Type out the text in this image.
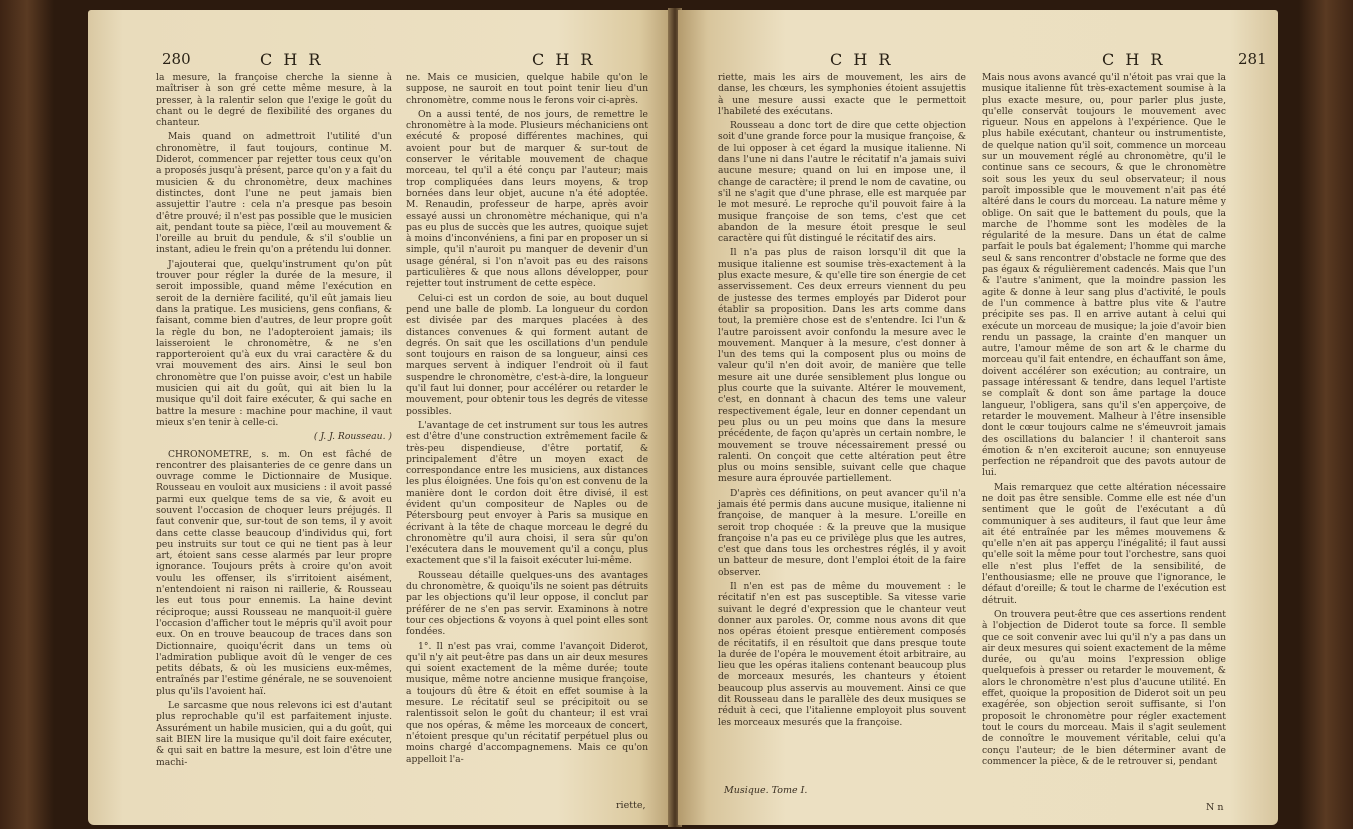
280	C H R	C H R

la mesure, la françoise cherche la sienne à maîtriser à son gré cette même mesure, à la presser, à la ralentir selon que l'exige le goût du chant ou le degré de flexibilité des organes du chanteur.

Mais quand on admettroit l'utilité d'un chronomètre, il faut toujours, continue M. Diderot, commencer par rejetter tous ceux qu'on a proposés jusqu'à présent, parce qu'on y a fait du musicien & du chronomètre, deux machines distinctes, dont l'une ne peut jamais bien assujettir l'autre : cela n'a presque pas besoin d'être prouvé; il n'est pas possible que le musicien ait, pendant toute sa pièce, l'œil au mouvement & l'oreille au bruit du pendule, & s'il s'oublie un instant, adieu le frein qu'on a prétendu lui donner.

J'ajouterai que, quelqu'instrument qu'on pût trouver pour régler la durée de la mesure, il seroit impossible, quand même l'exécution en seroit de la dernière facilité, qu'il eût jamais lieu dans la pratique. Les musiciens, gens confians, & faisant, comme bien d'autres, de leur propre goût la règle du bon, ne l'adopteroient jamais; ils laisseroient le chronomètre, & ne s'en rapporteroient qu'à eux du vrai caractère & du vrai mouvement des airs. Ainsi le seul bon chronomètre que l'on puisse avoir, c'est un habile musicien qui ait du goût, qui ait bien lu la musique qu'il doit faire exécuter, & qui sache en battre la mesure : machine pour machine, il vaut mieux s'en tenir à celle-ci.

( J. J. Rousseau. )

CHRONOMETRE, s. m. On est fâché de rencontrer des plaisanteries de ce genre dans un ouvrage comme le Dictionnaire de Musique. Rousseau en vouloit aux musiciens : il avoit passé parmi eux quelque tems de sa vie, & avoit eu souvent l'occasion de choquer leurs préjugés. Il faut convenir que, sur-tout de son tems, il y avoit dans cette classe beaucoup d'individus qui, fort peu instruits sur tout ce qui ne tient pas à leur art, étoient sans cesse alarmés par leur propre ignorance. Toujours prêts à croire qu'on avoit voulu les offenser, ils s'irritoient aisément, n'entendoient ni raison ni raillerie, & Rousseau les eut tous pour ennemis. La haine devint réciproque; aussi Rousseau ne manquoit-il guère l'occasion d'afficher tout le mépris qu'il avoit pour eux. On en trouve beaucoup de traces dans son Dictionnaire, quoiqu'écrit dans un tems où l'admiration publique avoit dû le venger de ces petits débats, & où les musiciens eux-mêmes, entraînés par l'estime générale, ne se souvenoient plus qu'ils l'avoient haï.

Le sarcasme que nous relevons ici est d'autant plus reprochable qu'il est parfaitement injuste. Assurément un habile musicien, qui a du goût, qui sait BIEN lire la musique qu'il doit faire exécuter, & qui sait en battre la mesure, est loin d'être une machi-

ne. Mais ce musicien, quelque habile qu'on le suppose, ne sauroit en tout point tenir lieu d'un chronomètre, comme nous le ferons voir ci-après.

On a aussi tenté, de nos jours, de remettre le chronomètre à la mode. Plusieurs méchaniciens ont exécuté & proposé différentes machines, qui avoient pour but de marquer & sur-tout de conserver le véritable mouvement de chaque morceau, tel qu'il a été conçu par l'auteur; mais trop compliquées dans leurs moyens, & trop bornées dans leur objet, aucune n'a été adoptée. M. Renaudin, professeur de harpe, après avoir essayé aussi un chronomètre méchanique, qui n'a pas eu plus de succès que les autres, quoique sujet à moins d'inconvéniens, a fini par en proposer un si simple, qu'il n'auroit pu manquer de devenir d'un usage général, si l'on n'avoit pas eu des raisons particulières & que nous allons développer, pour rejetter tout instrument de cette espèce.

Celui-ci est un cordon de soie, au bout duquel pend une balle de plomb. La longueur du cordon est divisée par des marques placées à des distances convenues & qui forment autant de degrés. On sait que les oscillations d'un pendule sont toujours en raison de sa longueur, ainsi ces marques servent à indiquer l'endroit où il faut suspendre le chronomètre, c'est-à-dire, la longueur qu'il faut lui donner, pour accélérer ou retarder le mouvement, pour obtenir tous les degrés de vitesse possibles.

L'avantage de cet instrument sur tous les autres est d'être d'une construction extrêmement facile & très-peu dispendieuse, d'être portatif, & principalement d'être un moyen exact de correspondance entre les musiciens, aux distances les plus éloignées. Une fois qu'on est convenu de la manière dont le cordon doit être divisé, il est évident qu'un compositeur de Naples ou de Pétersbourg peut envoyer à Paris sa musique en écrivant à la tête de chaque morceau le degré du chronomètre qu'il aura choisi, il sera sûr qu'on l'exécutera dans le mouvement qu'il a conçu, plus exactement que s'il la faisoit exécuter lui-même.

Rousseau détaille quelques-uns des avantages du chronomètre, & quoiqu'ils ne soient pas détruits par les objections qu'il leur oppose, il conclut par préférer de ne s'en pas servir. Examinons à notre tour ces objections & voyons à quel point elles sont fondées.

1°. Il n'est pas vrai, comme l'avançoit Diderot, qu'il n'y ait peut-être pas dans un air deux mesures qui soient exactement de la même durée; toute musique, même notre ancienne musique françoise, a toujours dû être & étoit en effet soumise à la mesure. Le récitatif seul se précipitoit ou se ralentissoit selon le goût du chanteur; il est vrai que nos opéras, & même les morceaux de concert, n'étoient presque qu'un récitatif perpétuel plus ou moins chargé d'accompagnemens. Mais ce qu'on appelloit l'a-

riette,
C H R	C H R	281

riette, mais les airs de mouvement, les airs de danse, les chœurs, les symphonies étoient assujettis à une mesure aussi exacte que le permettoit l'habileté des exécutans.

Rousseau a donc tort de dire que cette objection soit d'une grande force pour la musique françoise, & de lui opposer à cet égard la musique italienne. Ni dans l'une ni dans l'autre le récitatif n'a jamais suivi aucune mesure; quand on lui en impose une, il change de caractère; il prend le nom de cavatine, ou s'il ne s'agit que d'une phrase, elle est marquée par le mot mesuré. Le reproche qu'il pouvoit faire à la musique françoise de son tems, c'est que cet abandon de la mesure étoit presque le seul caractère qui fût distingué le récitatif des airs.

Il n'a pas plus de raison lorsqu'il dit que la musique italienne est soumise très-exactement à la plus exacte mesure, & qu'elle tire son énergie de cet asservissement. Ces deux erreurs viennent du peu de justesse des termes employés par Diderot pour établir sa proposition. Dans les arts comme dans tout, la première chose est de s'entendre. Ici l'un & l'autre paroissent avoir confondu la mesure avec le mouvement. Manquer à la mesure, c'est donner à l'un des tems qui la composent plus ou moins de valeur qu'il n'en doit avoir, de manière que telle mesure ait une durée sensiblement plus longue ou plus courte que la suivante. Altérer le mouvement, c'est, en donnant à chacun des tems une valeur respectivement égale, leur en donner cependant un peu plus ou un peu moins que dans la mesure précédente, de façon qu'après un certain nombre, le mouvement se trouve nécessairement pressé ou ralenti. On conçoit que cette altération peut être plus ou moins sensible, suivant celle que chaque mesure aura éprouvée partiellement.

D'après ces définitions, on peut avancer qu'il n'a jamais été permis dans aucune musique, italienne ni françoise, de manquer à la mesure. L'oreille en seroit trop choquée : & la preuve que la musique françoise n'a pas eu ce privilège plus que les autres, c'est que dans tous les orchestres réglés, il y avoit un batteur de mesure, dont l'emploi étoit de la faire observer.

Il n'en est pas de même du mouvement : le récitatif n'en est pas susceptible. Sa vitesse varie suivant le degré d'expression que le chanteur veut donner aux paroles. Or, comme nous avons dit que nos opéras étoient presque entièrement composés de récitatifs, il en résultoit que dans presque toute la durée de l'opéra le mouvement étoit arbitraire, au lieu que les opéras italiens contenant beaucoup plus de morceaux mesurés, les chanteurs y étoient beaucoup plus asservis au mouvement. Ainsi ce que dit Rousseau dans le parallèle des deux musiques se réduit à ceci, que l'italienne employoit plus souvent les morceaux mesurés que la françoise.

Musique. Tome I.

Mais nous avons avancé qu'il n'étoit pas vrai que la musique italienne fût très-exactement soumise à la plus exacte mesure, ou, pour parler plus juste, qu'elle conservât toujours le mouvement avec rigueur. Nous en appelons à l'expérience. Que le plus habile exécutant, chanteur ou instrumentiste, de quelque nation qu'il soit, commence un morceau sur un mouvement réglé au chronomètre, qu'il le continue sans ce secours, & que le chronomètre soit sous les yeux du seul observateur; il nous paroît impossible que le mouvement n'ait pas été altéré dans le cours du morceau. La nature même y oblige. On sait que le battement du pouls, que la marche de l'homme sont les modèles de la régularité de la mesure. Dans un état de calme parfait le pouls bat également; l'homme qui marche seul & sans rencontrer d'obstacle ne forme que des pas égaux & régulièrement cadencés. Mais que l'un & l'autre s'animent, que la moindre passion les agite & donne à leur sang plus d'activité, le pouls de l'un commence à battre plus vite & l'autre précipite ses pas. Il en arrive autant à celui qui exécute un morceau de musique; la joie d'avoir bien rendu un passage, la crainte d'en manquer un autre, l'amour même de son art & le charme du morceau qu'il fait entendre, en échauffant son âme, doivent accélérer son exécution; au contraire, un passage intéressant & tendre, dans lequel l'artiste se complaît & dont son âme partage la douce langueur, l'obligera, sans qu'il s'en apperçoive, de retarder le mouvement. Malheur à l'être insensible dont le cœur toujours calme ne s'émeuvroit jamais des oscillations du balancier ! il chanteroit sans émotion & n'en exciteroit aucune; son ennuyeuse perfection ne répandroit que des pavots autour de lui.

Mais remarquez que cette altération nécessaire ne doit pas être sensible. Comme elle est née d'un sentiment que le goût de l'exécutant a dû communiquer à ses auditeurs, il faut que leur âme ait été entraînée par les mêmes mouvemens & qu'elle n'en ait pas apperçu l'inégalité; il faut aussi qu'elle soit la même pour tout l'orchestre, sans quoi elle n'est plus l'effet de la sensibilité, de l'enthousiasme; elle ne prouve que l'ignorance, le défaut d'oreille; & tout le charme de l'exécution est détruit.

On trouvera peut-être que ces assertions rendent à l'objection de Diderot toute sa force. Il semble que ce soit convenir avec lui qu'il n'y a pas dans un air deux mesures qui soient exactement de la même durée, ou qu'au moins l'expression oblige quelquefois à presser ou retarder le mouvement, & alors le chronomètre n'est plus d'aucune utilité. En effet, quoique la proposition de Diderot soit un peu exagérée, son objection seroit suffisante, si l'on proposoit le chronomètre pour régler exactement tout le cours du morceau. Mais il s'agit seulement de connoître le mouvement véritable, celui qu'a conçu l'auteur; de le bien déterminer avant de commencer la pièce, & de le retrouver si, pendant

N n
